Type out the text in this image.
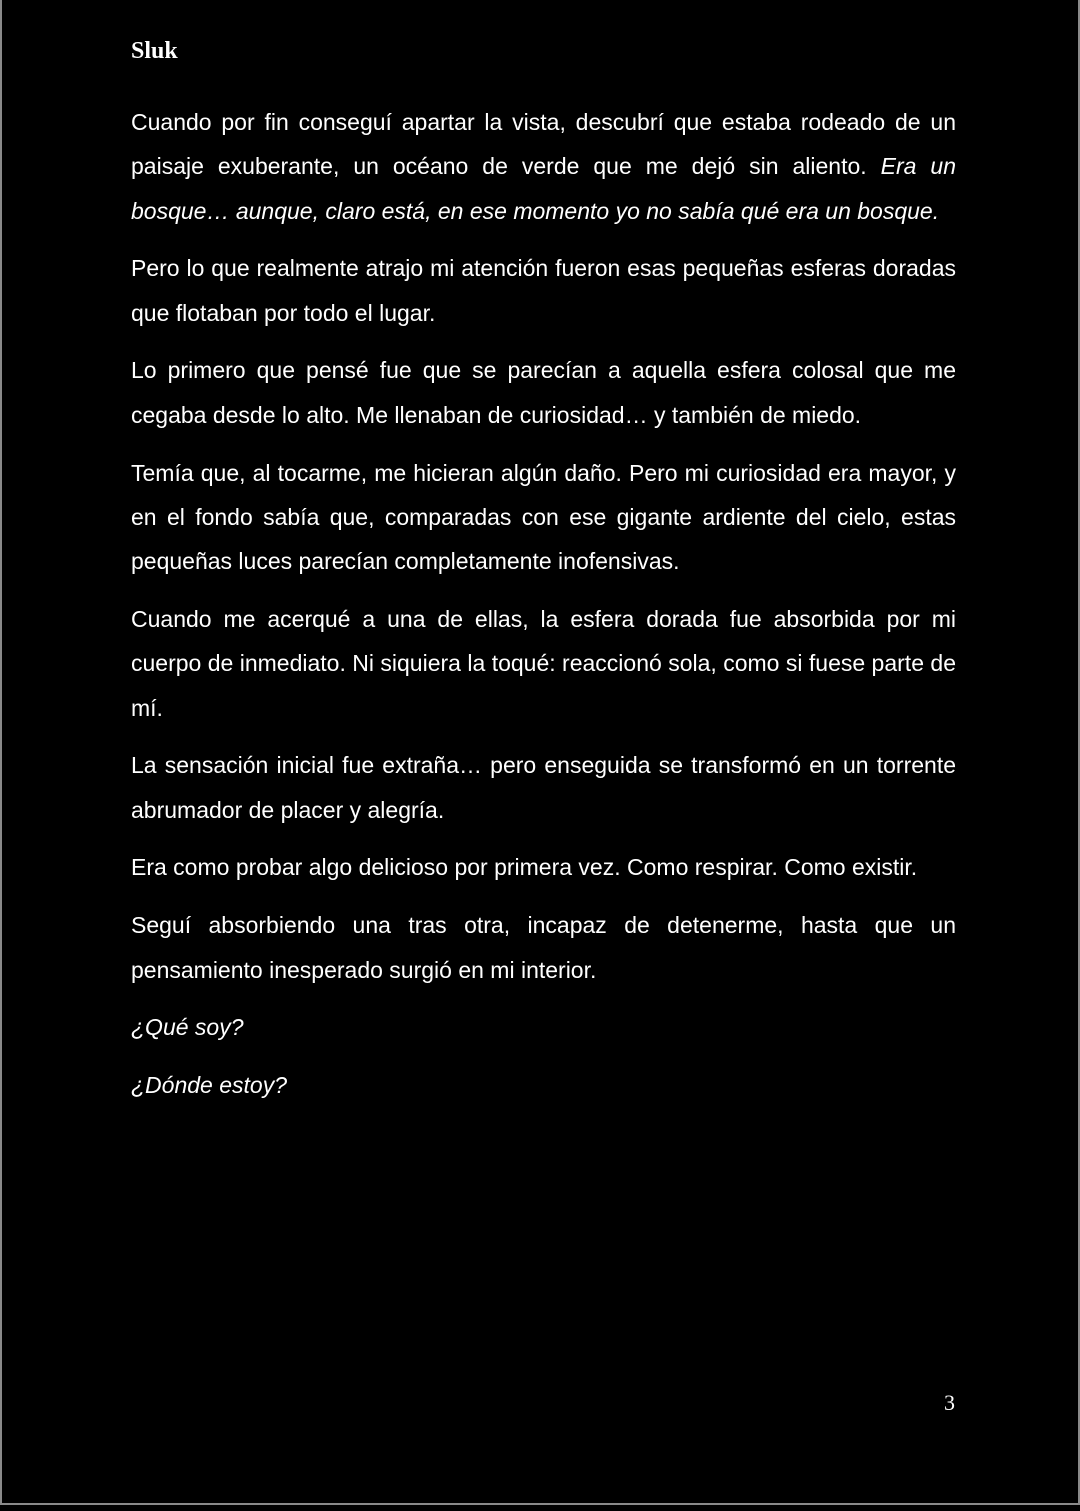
Sluk

Cuando por fin conseguí apartar la vista, descubrí que estaba rodeado de un paisaje exuberante, un océano de verde que me dejó sin aliento. Era un bosque… aunque, claro está, en ese momento yo no sabía qué era un bosque.

Pero lo que realmente atrajo mi atención fueron esas pequeñas esferas doradas que flotaban por todo el lugar.

Lo primero que pensé fue que se parecían a aquella esfera colosal que me cegaba desde lo alto. Me llenaban de curiosidad… y también de miedo.

Temía que, al tocarme, me hicieran algún daño. Pero mi curiosidad era mayor, y en el fondo sabía que, comparadas con ese gigante ardiente del cielo, estas pequeñas luces parecían completamente inofensivas.

Cuando me acerqué a una de ellas, la esfera dorada fue absorbida por mi cuerpo de inmediato. Ni siquiera la toqué: reaccionó sola, como si fuese parte de mí.

La sensación inicial fue extraña… pero enseguida se transformó en un torrente abrumador de placer y alegría.

Era como probar algo delicioso por primera vez. Como respirar. Como existir.

Seguí absorbiendo una tras otra, incapaz de detenerme, hasta que un pensamiento inesperado surgió en mi interior.

¿Qué soy?

¿Dónde estoy?

3
